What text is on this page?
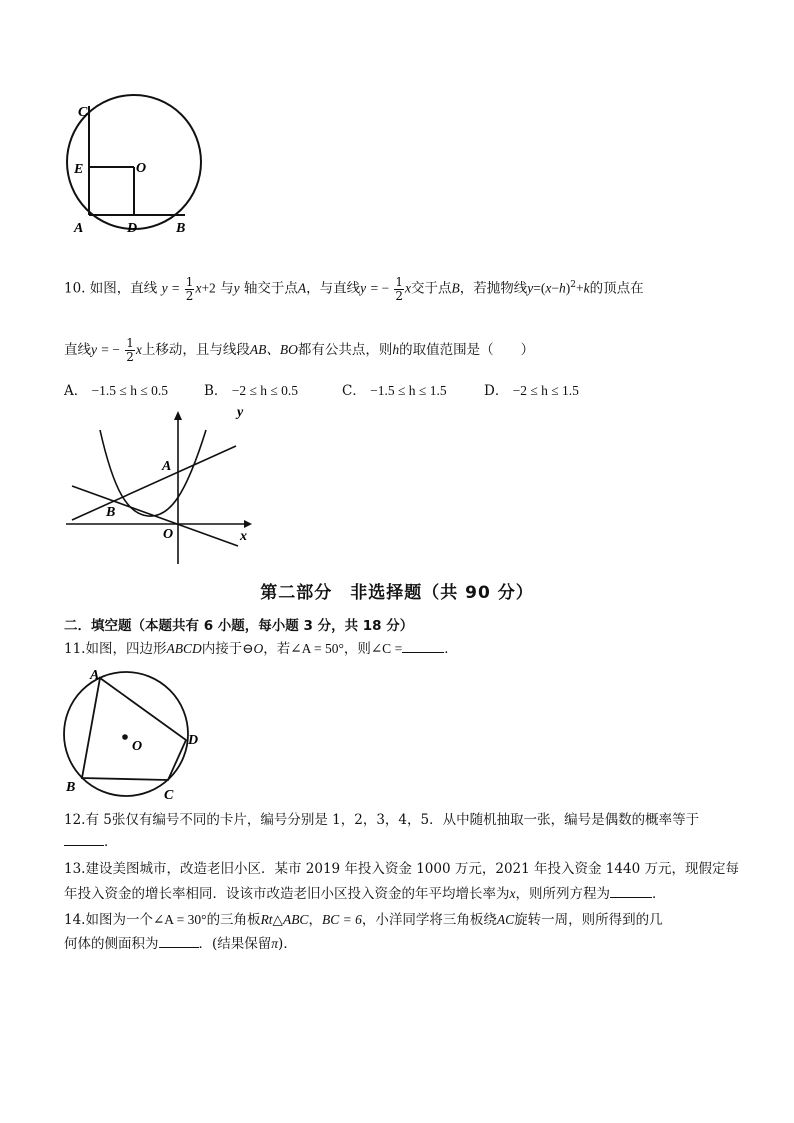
C
E	O
A	D	B
10. 如图，直线 $y = \frac{1}{2} x+2$ 与y 轴交于点A，与直线y = − $\frac{1}{2}$ x交于点B，若抛物线$y=(x-h)^2+k$的顶点在
直线y = − $\frac{1}{2}$ x上移动，且与线段AB、BO都有公共点，则h的取值范围是（　　）
A． −1.5 ≤ h ≤ 0.5	B． −2 ≤ h ≤ 0.5	C． −1.5 ≤ h ≤ 1.5	D． −2 ≤ h ≤ 1.5
y
x
A
B
O
第二部分　非选择题（共 90 分）
二．填空题（本题共有 6 小题，每小题 3 分，共 18 分）
11.如图，四边形ABCD内接于⊖O，若∠A = 50°，则∠C =	．
A
D
O
B
C
12.有 5张仅有编号不同的卡片，编号分别是 1，2，3，4，5．从中随机抽取一张，编号是偶数的概率等于
．
13.建设美图城市，改造老旧小区．某市 2019 年投入资金 1000 万元，2021 年投入资金 1440 万元，现假定每
年投入资金的增长率相同．设该市改造老旧小区投入资金的年平均增长率为x，则所列方程为	．
14.如图为一个∠A = 30°的三角板Rt△ABC，BC = 6，小洋同学将三角板绕AC旋转一周，则所得到的几
何体的侧面积为	．(结果保留π)．
